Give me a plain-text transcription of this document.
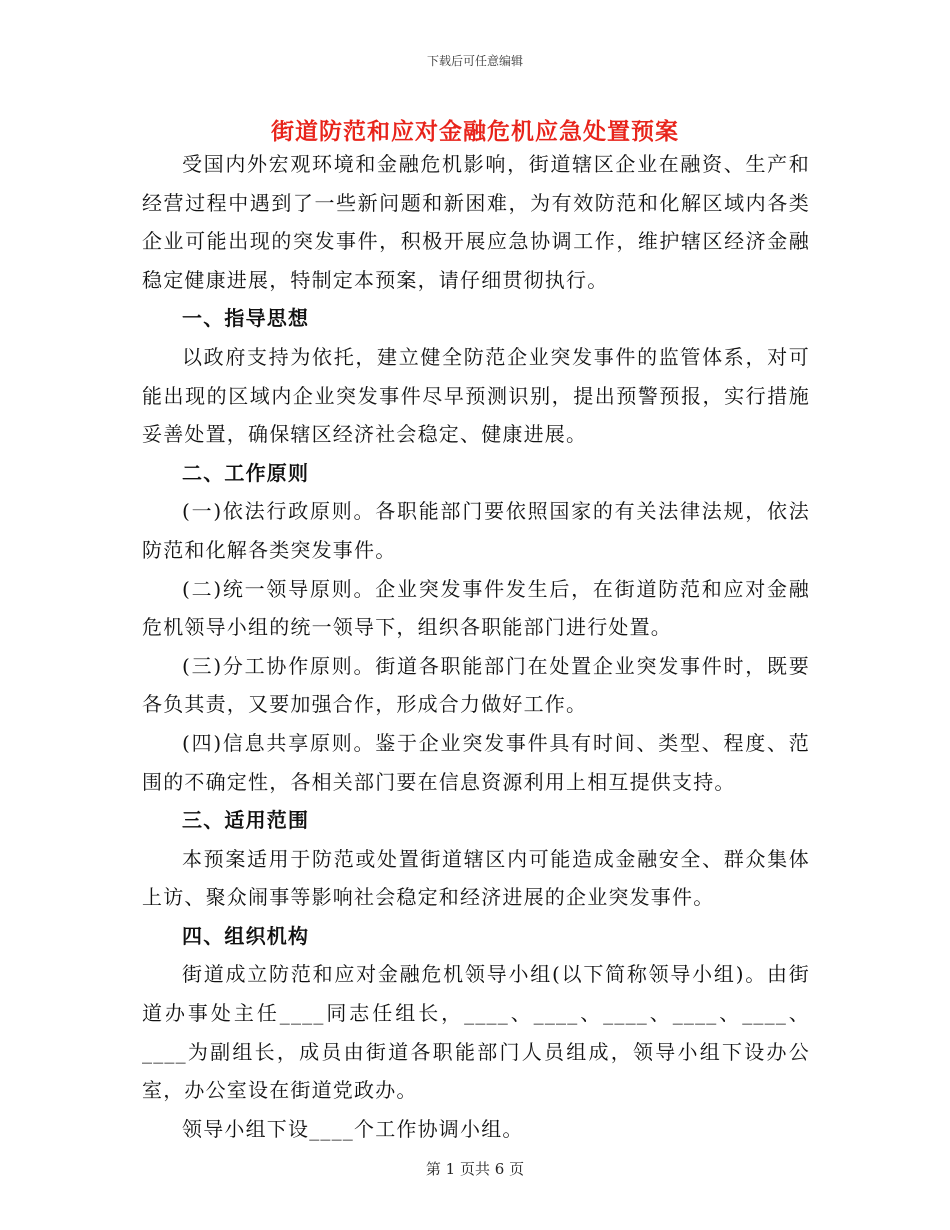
下载后可任意编辑
街道防范和应对金融危机应急处置预案

受国内外宏观环境和金融危机影响，街道辖区企业在融资、生产和经营过程中遇到了一些新问题和新困难，为有效防范和化解区域内各类企业可能出现的突发事件，积极开展应急协调工作，维护辖区经济金融稳定健康进展，特制定本预案，请仔细贯彻执行。

一、指导思想

以政府支持为依托，建立健全防范企业突发事件的监管体系，对可能出现的区域内企业突发事件尽早预测识别，提出预警预报，实行措施妥善处置，确保辖区经济社会稳定、健康进展。

二、工作原则

(一)依法行政原则。各职能部门要依照国家的有关法律法规，依法防范和化解各类突发事件。

(二)统一领导原则。企业突发事件发生后，在街道防范和应对金融危机领导小组的统一领导下，组织各职能部门进行处置。

(三)分工协作原则。街道各职能部门在处置企业突发事件时，既要各负其责，又要加强合作，形成合力做好工作。

(四)信息共享原则。鉴于企业突发事件具有时间、类型、程度、范围的不确定性，各相关部门要在信息资源利用上相互提供支持。

三、适用范围

本预案适用于防范或处置街道辖区内可能造成金融安全、群众集体上访、聚众闹事等影响社会稳定和经济进展的企业突发事件。

四、组织机构

街道成立防范和应对金融危机领导小组(以下简称领导小组)。由街道办事处主任____同志任组长，____、____、____、____、____、____为副组长，成员由街道各职能部门人员组成，领导小组下设办公室，办公室设在街道党政办。

领导小组下设____个工作协调小组。

第 1 页共 6 页
